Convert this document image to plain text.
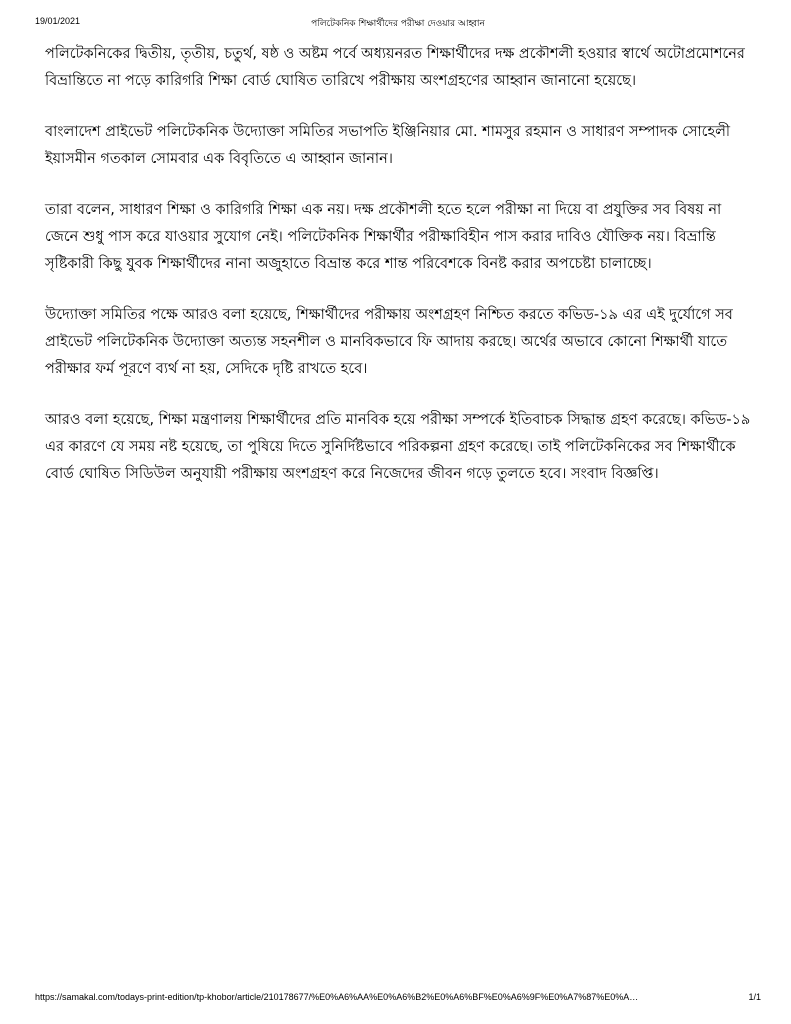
19/01/2021	পলিটেকনিক শিক্ষার্থীদের পরীক্ষা দেওয়ার আহ্বান

পলিটেকনিকের দ্বিতীয়, তৃতীয়, চতুর্থ, ষষ্ঠ ও অষ্টম পর্বে অধ্যয়নরত শিক্ষার্থীদের দক্ষ প্রকৌশলী হওয়ার স্বার্থে অটোপ্রমোশনের বিভ্রান্তিতে না পড়ে কারিগরি শিক্ষা বোর্ড ঘোষিত তারিখে পরীক্ষায় অংশগ্রহণের আহ্বান জানানো হয়েছে।

বাংলাদেশ প্রাইভেট পলিটেকনিক উদ্যোক্তা সমিতির সভাপতি ইঞ্জিনিয়ার মো. শামসুর রহমান ও সাধারণ সম্পাদক সোহেলী ইয়াসমীন গতকাল সোমবার এক বিবৃতিতে এ আহ্বান জানান।

তারা বলেন, সাধারণ শিক্ষা ও কারিগরি শিক্ষা এক নয়। দক্ষ প্রকৌশলী হতে হলে পরীক্ষা না দিয়ে বা প্রযুক্তির সব বিষয় না জেনে শুধু পাস করে যাওয়ার সুযোগ নেই। পলিটেকনিক শিক্ষার্থীর পরীক্ষাবিহীন পাস করার দাবিও যৌক্তিক নয়। বিভ্রান্তি সৃষ্টিকারী কিছু যুবক শিক্ষার্থীদের নানা অজুহাতে বিভ্রান্ত করে শান্ত পরিবেশকে বিনষ্ট করার অপচেষ্টা চালাচ্ছে।

উদ্যোক্তা সমিতির পক্ষে আরও বলা হয়েছে, শিক্ষার্থীদের পরীক্ষায় অংশগ্রহণ নিশ্চিত করতে কভিড-১৯ এর এই দুর্যোগে সব প্রাইভেট পলিটেকনিক উদ্যোক্তা অত্যন্ত সহনশীল ও মানবিকভাবে ফি আদায় করছে। অর্থের অভাবে কোনো শিক্ষার্থী যাতে পরীক্ষার ফর্ম পূরণে ব্যর্থ না হয়, সেদিকে দৃষ্টি রাখতে হবে।

আরও বলা হয়েছে, শিক্ষা মন্ত্রণালয় শিক্ষার্থীদের প্রতি মানবিক হয়ে পরীক্ষা সম্পর্কে ইতিবাচক সিদ্ধান্ত গ্রহণ করেছে। কভিড-১৯ এর কারণে যে সময় নষ্ট হয়েছে, তা পুষিয়ে দিতে সুনির্দিষ্টভাবে পরিকল্পনা গ্রহণ করেছে। তাই পলিটেকনিকের সব শিক্ষার্থীকে বোর্ড ঘোষিত সিডিউল অনুযায়ী পরীক্ষায় অংশগ্রহণ করে নিজেদের জীবন গড়ে তুলতে হবে। সংবাদ বিজ্ঞপ্তি।

https://samakal.com/todays-print-edition/tp-khobor/article/210178677/%E0%A6%AA%E0%A6%B2%E0%A6%BF%E0%A6%9F%E0%A7%87%E0%A…	1/1
